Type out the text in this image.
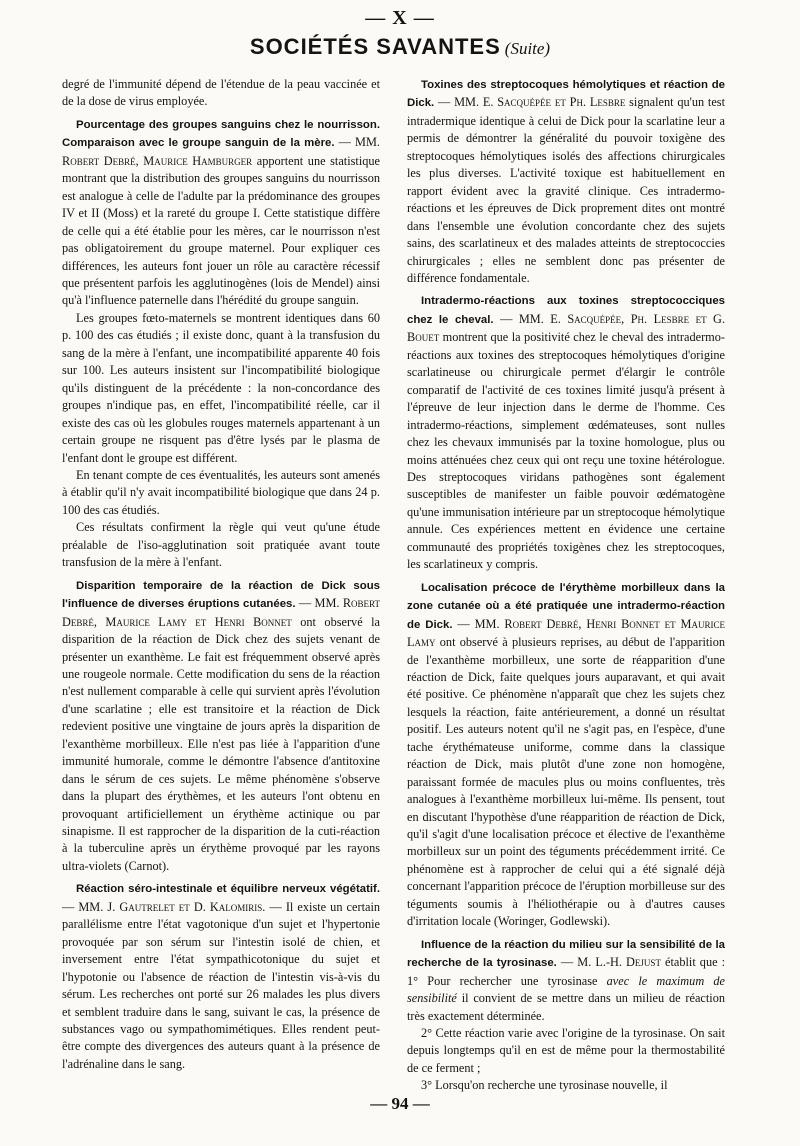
— X —
SOCIÉTÉS SAVANTES (Suite)

degré de l'immunité dépend de l'étendue de la peau vaccinée et de la dose de virus employée.

Pourcentage des groupes sanguins chez le nourrisson. Comparaison avec le groupe sanguin de la mère. — MM. Robert Debré, Maurice Hamburger apportent une statistique montrant que la distribution des groupes sanguins du nourrisson est analogue à celle de l'adulte par la prédominance des groupes IV et II (Moss) et la rareté du groupe I. Cette statistique diffère de celle qui a été établie pour les mères, car le nourrisson n'est pas obligatoirement du groupe maternel. Pour expliquer ces différences, les auteurs font jouer un rôle au caractère récessif que présentent parfois les agglutinogènes (lois de Mendel) ainsi qu'à l'influence paternelle dans l'hérédité du groupe sanguin.

Les groupes fœto-maternels se montrent identiques dans 60 p. 100 des cas étudiés ; il existe donc, quant à la transfusion du sang de la mère à l'enfant, une incompatibilité apparente 40 fois sur 100. Les auteurs insistent sur l'incompatibilité biologique qu'ils distinguent de la précédente : la non-concordance des groupes n'indique pas, en effet, l'incompatibilité réelle, car il existe des cas où les globules rouges maternels appartenant à un certain groupe ne risquent pas d'être lysés par le plasma de l'enfant dont le groupe est différent.

En tenant compte de ces éventualités, les auteurs sont amenés à établir qu'il n'y avait incompatibilité biologique que dans 24 p. 100 des cas étudiés.

Ces résultats confirment la règle qui veut qu'une étude préalable de l'iso-agglutination soit pratiquée avant toute transfusion de la mère à l'enfant.

Disparition temporaire de la réaction de Dick sous l'influence de diverses éruptions cutanées. — MM. Robert Debré, Maurice Lamy et Henri Bonnet ont observé la disparition de la réaction de Dick chez des sujets venant de présenter un exanthème. Le fait est fréquemment observé après une rougeole normale. Cette modification du sens de la réaction n'est nullement comparable à celle qui survient après l'évolution d'une scarlatine ; elle est transitoire et la réaction de Dick redevient positive une vingtaine de jours après la disparition de l'exanthème morbilleux. Elle n'est pas liée à l'apparition d'une immunité humorale, comme le démontre l'absence d'antitoxine dans le sérum de ces sujets. Le même phénomène s'observe dans la plupart des érythèmes, et les auteurs l'ont obtenu en provoquant artificiellement un érythème actinique ou par sinapisme. Il est rapprocher de la disparition de la cuti-réaction à la tuberculine après un érythème provoqué par les rayons ultra-violets (Carnot).

Réaction séro-intestinale et équilibre nerveux végétatif. — MM. J. Gautrelet et D. Kalomiris. — Il existe un certain parallélisme entre l'état vagotonique d'un sujet et l'hypertonie provoquée par son sérum sur l'intestin isolé de chien, et inversement entre l'état sympathicotonique du sujet et l'hypotonie ou l'absence de réaction de l'intestin vis-à-vis du sérum. Les recherches ont porté sur 26 malades les plus divers et semblent traduire dans le sang, suivant le cas, la présence de substances vago ou sympathomimétiques. Elles rendent peut-être compte des divergences des auteurs quant à la présence de l'adrénaline dans le sang.

Toxines des streptocoques hémolytiques et réaction de Dick. — MM. E. Sacquépée et Ph. Lesbre signalent qu'un test intradermique identique à celui de Dick pour la scarlatine leur a permis de démontrer la généralité du pouvoir toxigène des streptocoques hémolytiques isolés des affections chirurgicales les plus diverses. L'activité toxique est habituellement en rapport évident avec la gravité clinique. Ces intradermo-réactions et les épreuves de Dick proprement dites ont montré dans l'ensemble une évolution concordante chez des sujets sains, des scarlatineux et des malades atteints de streptococcies chirurgicales ; elles ne semblent donc pas présenter de différence fondamentale.

Intradermo-réactions aux toxines streptococciques chez le cheval. — MM. E. Sacquépée, Ph. Lesbre et G. Bouet montrent que la positivité chez le cheval des intradermo-réactions aux toxines des streptocoques hémolytiques d'origine scarlatineuse ou chirurgicale permet d'élargir le contrôle comparatif de l'activité de ces toxines limité jusqu'à présent à l'épreuve de leur injection dans le derme de l'homme. Ces intradermo-réactions, simplement œdémateuses, sont nulles chez les chevaux immunisés par la toxine homologue, plus ou moins atténuées chez ceux qui ont reçu une toxine hétérologue. Des streptocoques viridans pathogènes sont également susceptibles de manifester un faible pouvoir œdématogène qu'une immunisation intérieure par un streptocoque hémolytique annule. Ces expériences mettent en évidence une certaine communauté des propriétés toxigènes chez les streptocoques, les scarlatineux y compris.

Localisation précoce de l'érythème morbilleux dans la zone cutanée où a été pratiquée une intradermo-réaction de Dick. — MM. Robert Debré, Henri Bonnet et Maurice Lamy ont observé à plusieurs reprises, au début de l'apparition de l'exanthème morbilleux, une sorte de réapparition d'une réaction de Dick, faite quelques jours auparavant, et qui avait été positive. Ce phénomène n'apparaît que chez les sujets chez lesquels la réaction, faite antérieurement, a donné un résultat positif. Les auteurs notent qu'il ne s'agit pas, en l'espèce, d'une tache érythémateuse uniforme, comme dans la classique réaction de Dick, mais plutôt d'une zone non homogène, paraissant formée de macules plus ou moins confluentes, très analogues à l'exanthème morbilleux lui-même. Ils pensent, tout en discutant l'hypothèse d'une réapparition de réaction de Dick, qu'il s'agit d'une localisation précoce et élective de l'exanthème morbilleux sur un point des téguments précédemment irrité. Ce phénomène est à rapprocher de celui qui a été signalé déjà concernant l'apparition précoce de l'éruption morbilleuse sur des téguments soumis à l'héliothérapie ou à d'autres causes d'irritation locale (Woringer, Godlewski).

Influence de la réaction du milieu sur la sensibilité de la recherche de la tyrosinase. — M. L.-H. Dejust établit que : 1° Pour rechercher une tyrosinase avec le maximum de sensibilité il convient de se mettre dans un milieu de réaction très exactement déterminée.

2° Cette réaction varie avec l'origine de la tyrosinase. On sait depuis longtemps qu'il en est de même pour la thermostabilité de ce ferment ;

3° Lorsqu'on recherche une tyrosinase nouvelle, il

— 94 —
